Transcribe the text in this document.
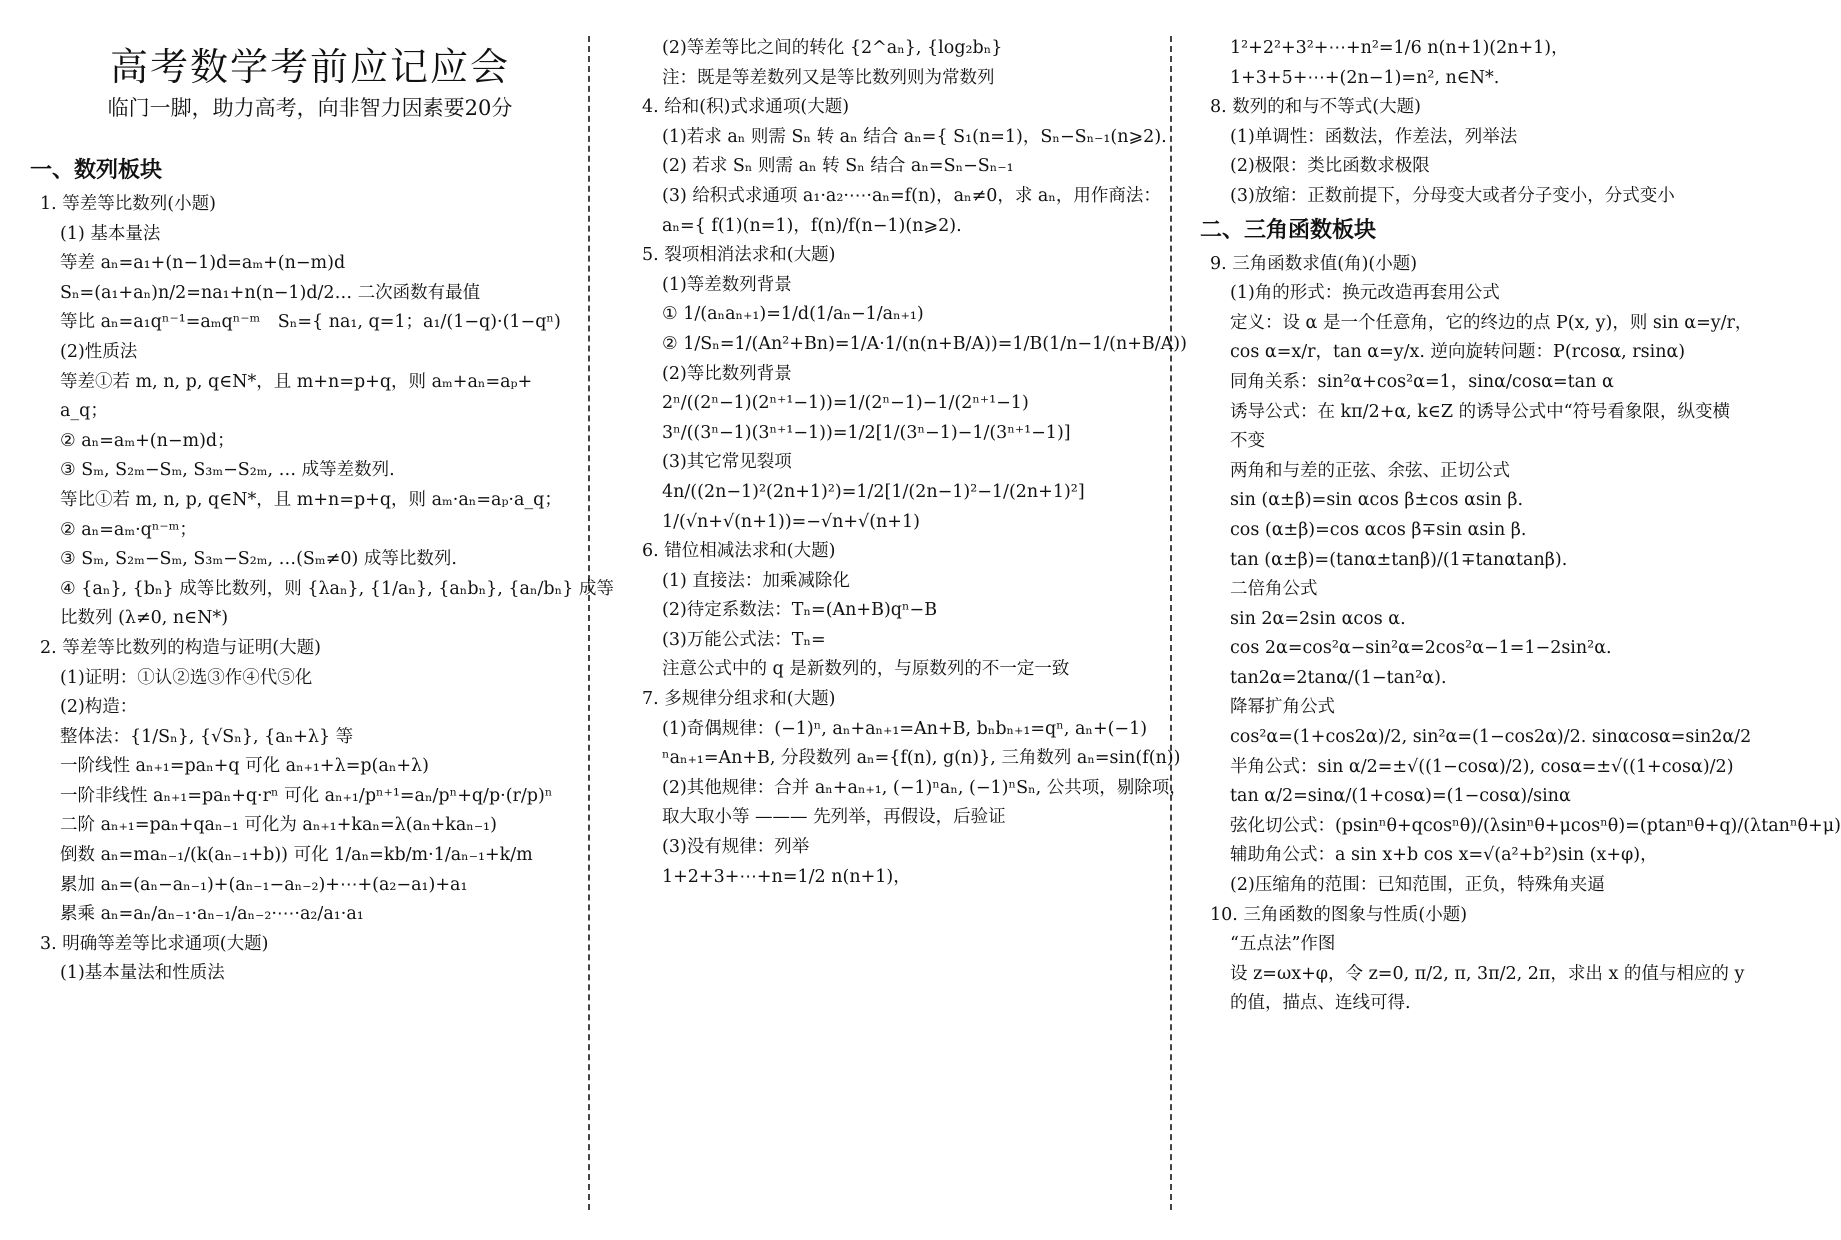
高考数学考前应记应会
临门一脚，助力高考，向非智力因素要20分
一、数列板块
1. 等差等比数列(小题)
(1) 基本量法
等差 aₙ=a₁+(n−1)d=aₘ+(n−m)d
Sₙ=(a₁+aₙ)n/2=na₁+n(n−1)d/2… 二次函数有最值
等比 aₙ=a₁qⁿ⁻¹=aₘqⁿ⁻ᵐ　Sₙ={ na₁, q=1；a₁/(1−q)·(1−qⁿ)
(2)性质法
等差①若 m, n, p, q∈N*，且 m+n=p+q，则 aₘ+aₙ=aₚ+
a_q；
② aₙ=aₘ+(n−m)d；
③ Sₘ, S₂ₘ−Sₘ, S₃ₘ−S₂ₘ, … 成等差数列.
等比①若 m, n, p, q∈N*，且 m+n=p+q，则 aₘ·aₙ=aₚ·a_q；
② aₙ=aₘ·qⁿ⁻ᵐ；
③ Sₘ, S₂ₘ−Sₘ, S₃ₘ−S₂ₘ, …(Sₘ≠0) 成等比数列.
④ {aₙ}, {bₙ} 成等比数列，则 {λaₙ}, {1/aₙ}, {aₙbₙ}, {aₙ/bₙ} 成等
比数列 (λ≠0, n∈N*)
2. 等差等比数列的构造与证明(大题)
(1)证明：①认②选③作④代⑤化
(2)构造：
整体法：{1/Sₙ}, {√Sₙ}, {aₙ+λ} 等
一阶线性 aₙ₊₁=paₙ+q 可化 aₙ₊₁+λ=p(aₙ+λ)
一阶非线性 aₙ₊₁=paₙ+q·rⁿ 可化 aₙ₊₁/pⁿ⁺¹=aₙ/pⁿ+q/p·(r/p)ⁿ
二阶 aₙ₊₁=paₙ+qaₙ₋₁ 可化为 aₙ₊₁+kaₙ=λ(aₙ+kaₙ₋₁)
倒数 aₙ=maₙ₋₁/(k(aₙ₋₁+b)) 可化 1/aₙ=kb/m·1/aₙ₋₁+k/m
累加 aₙ=(aₙ−aₙ₋₁)+(aₙ₋₁−aₙ₋₂)+⋯+(a₂−a₁)+a₁
累乘 aₙ=aₙ/aₙ₋₁·aₙ₋₁/aₙ₋₂·⋯·a₂/a₁·a₁
3. 明确等差等比求通项(大题)
(1)基本量法和性质法
(2)等差等比之间的转化 {2^aₙ}, {log₂bₙ}
注：既是等差数列又是等比数列则为常数列
4. 给和(积)式求通项(大题)
(1)若求 aₙ 则需 Sₙ 转 aₙ 结合 aₙ={ S₁(n=1)，Sₙ−Sₙ₋₁(n⩾2).
(2) 若求 Sₙ 则需 aₙ 转 Sₙ 结合 aₙ=Sₙ−Sₙ₋₁
(3) 给积式求通项 a₁·a₂·⋯·aₙ=f(n)，aₙ≠0，求 aₙ，用作商法：
aₙ={ f(1)(n=1)，f(n)/f(n−1)(n⩾2).
5. 裂项相消法求和(大题)
(1)等差数列背景
① 1/(aₙaₙ₊₁)=1/d(1/aₙ−1/aₙ₊₁)
② 1/Sₙ=1/(An²+Bn)=1/A·1/(n(n+B/A))=1/B(1/n−1/(n+B/A))
(2)等比数列背景
2ⁿ/((2ⁿ−1)(2ⁿ⁺¹−1))=1/(2ⁿ−1)−1/(2ⁿ⁺¹−1)
3ⁿ/((3ⁿ−1)(3ⁿ⁺¹−1))=1/2[1/(3ⁿ−1)−1/(3ⁿ⁺¹−1)]
(3)其它常见裂项
4n/((2n−1)²(2n+1)²)=1/2[1/(2n−1)²−1/(2n+1)²]
1/(√n+√(n+1))=−√n+√(n+1)
6. 错位相减法求和(大题)
(1) 直接法：加乘减除化
(2)待定系数法：Tₙ=(An+B)qⁿ−B
(3)万能公式法：Tₙ=
注意公式中的 q 是新数列的，与原数列的不一定一致
7. 多规律分组求和(大题)
(1)奇偶规律：(−1)ⁿ, aₙ+aₙ₊₁=An+B, bₙbₙ₊₁=qⁿ, aₙ+(−1)
ⁿaₙ₊₁=An+B, 分段数列 aₙ={f(n), g(n)}, 三角数列 aₙ=sin(f(n))
(2)其他规律：合并 aₙ+aₙ₊₁, (−1)ⁿaₙ, (−1)ⁿSₙ, 公共项，剔除项，
取大取小等 ——— 先列举，再假设，后验证
(3)没有规律：列举
1+2+3+⋯+n=1/2 n(n+1)，
1²+2²+3²+⋯+n²=1/6 n(n+1)(2n+1)，
1+3+5+⋯+(2n−1)=n², n∈N*.
8. 数列的和与不等式(大题)
(1)单调性：函数法，作差法，列举法
(2)极限：类比函数求极限
(3)放缩：正数前提下，分母变大或者分子变小，分式变小
二、三角函数板块
9. 三角函数求值(角)(小题)
(1)角的形式：换元改造再套用公式
定义：设 α 是一个任意角，它的终边的点 P(x, y)，则 sin α=y/r，
cos α=x/r，tan α=y/x. 逆向旋转问题：P(rcosα, rsinα)
同角关系：sin²α+cos²α=1，sinα/cosα=tan α
诱导公式：在 kπ/2+α, k∈Z 的诱导公式中“符号看象限，纵变横
不变
两角和与差的正弦、余弦、正切公式
sin (α±β)=sin αcos β±cos αsin β.
cos (α±β)=cos αcos β∓sin αsin β.
tan (α±β)=(tanα±tanβ)/(1∓tanαtanβ).
二倍角公式
sin 2α=2sin αcos α.
cos 2α=cos²α−sin²α=2cos²α−1=1−2sin²α.
tan2α=2tanα/(1−tan²α).
降幂扩角公式
cos²α=(1+cos2α)/2, sin²α=(1−cos2α)/2. sinαcosα=sin2α/2
半角公式：sin α/2=±√((1−cosα)/2), cosα=±√((1+cosα)/2)
tan α/2=sinα/(1+cosα)=(1−cosα)/sinα
弦化切公式：(psinⁿθ+qcosⁿθ)/(λsinⁿθ+μcosⁿθ)=(ptanⁿθ+q)/(λtanⁿθ+μ)
辅助角公式：a sin x+b cos x=√(a²+b²)sin (x+φ)，
(2)压缩角的范围：已知范围，正负，特殊角夹逼
10. 三角函数的图象与性质(小题)
“五点法”作图
设 z=ωx+φ，令 z=0, π/2, π, 3π/2, 2π，求出 x 的值与相应的 y
的值，描点、连线可得.
